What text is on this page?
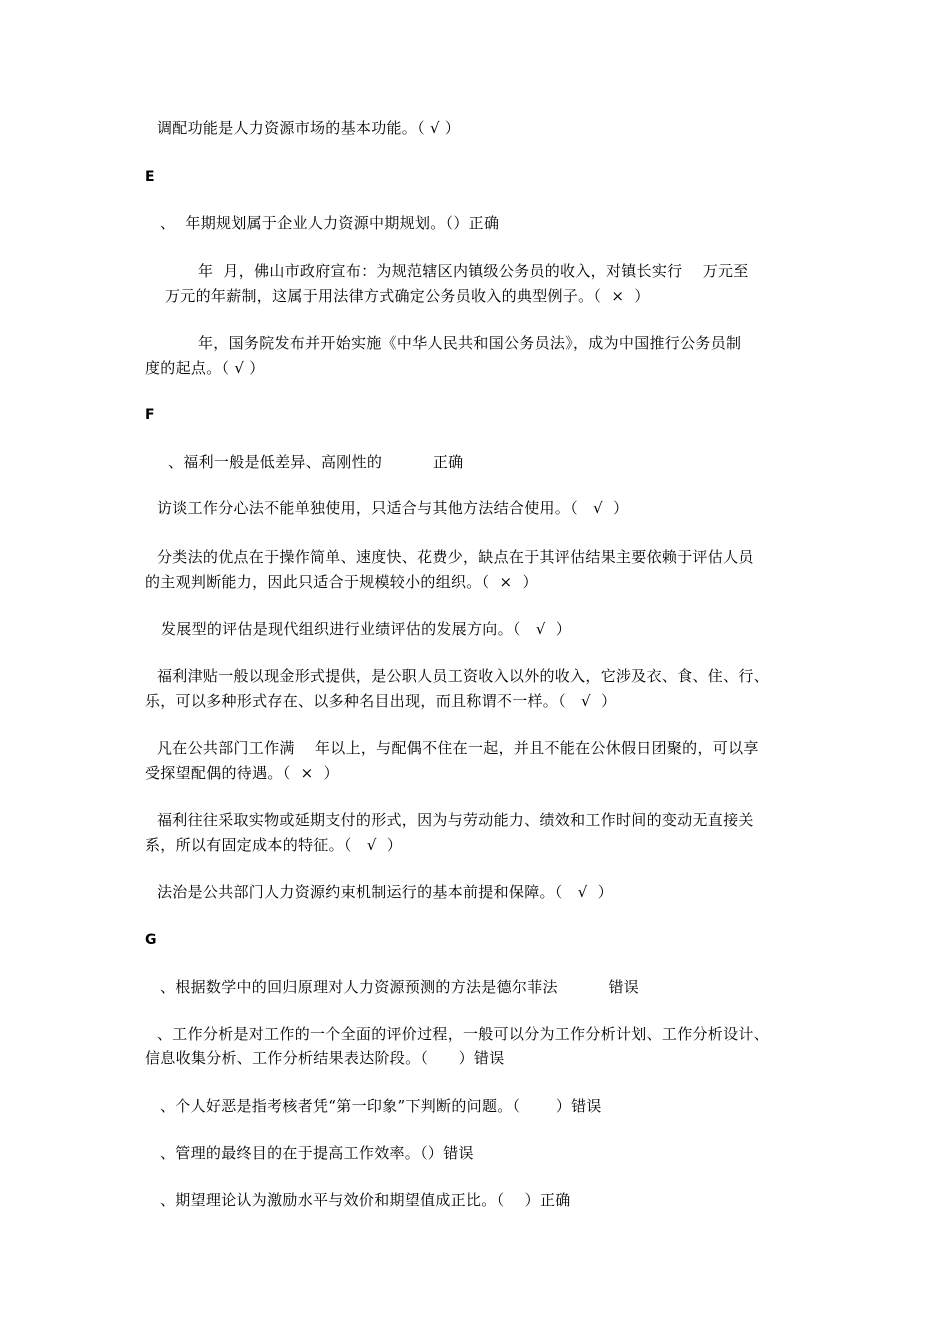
调配功能是人力资源市场的基本功能。（ √ ）
E
、  年期规划属于企业人力资源中期规划。（）正确
年  月，佛山市政府宣布：为规范辖区内镇级公务员的收入，对镇长实行    万元至
万元的年薪制，这属于用法律方式确定公务员收入的典型例子。（  ×  ）
年，国务院发布并开始实施《中华人民共和国公务员法》，成为中国推行公务员制
度的起点。（ √ ）
F
、福利一般是低差异、高刚性的          正确
访谈工作分心法不能单独使用，只适合与其他方法结合使用。（   √  ）
分类法的优点在于操作简单、速度快、花费少，缺点在于其评估结果主要依赖于评估人员
的主观判断能力，因此只适合于规模较小的组织。（  ×  ）
发展型的评估是现代组织进行业绩评估的发展方向。（   √  ）
福利津贴一般以现金形式提供，是公职人员工资收入以外的收入，它涉及衣、食、住、行、
乐，可以多种形式存在、以多种名目出现，而且称谓不一样。（   √  ）
凡在公共部门工作满    年以上，与配偶不住在一起，并且不能在公休假日团聚的，可以享
受探望配偶的待遇。（  ×  ）
福利往往采取实物或延期支付的形式，因为与劳动能力、绩效和工作时间的变动无直接关
系，所以有固定成本的特征。（   √  ）
法治是公共部门人力资源约束机制运行的基本前提和保障。（   √  ）
G
、根据数学中的回归原理对人力资源预测的方法是德尔菲法          错误
、工作分析是对工作的一个全面的评价过程，一般可以分为工作分析计划、工作分析设计、
信息收集分析、工作分析结果表达阶段。（      ）错误
、个人好恶是指考核者凭“第一印象”下判断的问题。（       ）错误
、管理的最终目的在于提高工作效率。（）错误
、期望理论认为激励水平与效价和期望值成正比。（    ）正确
